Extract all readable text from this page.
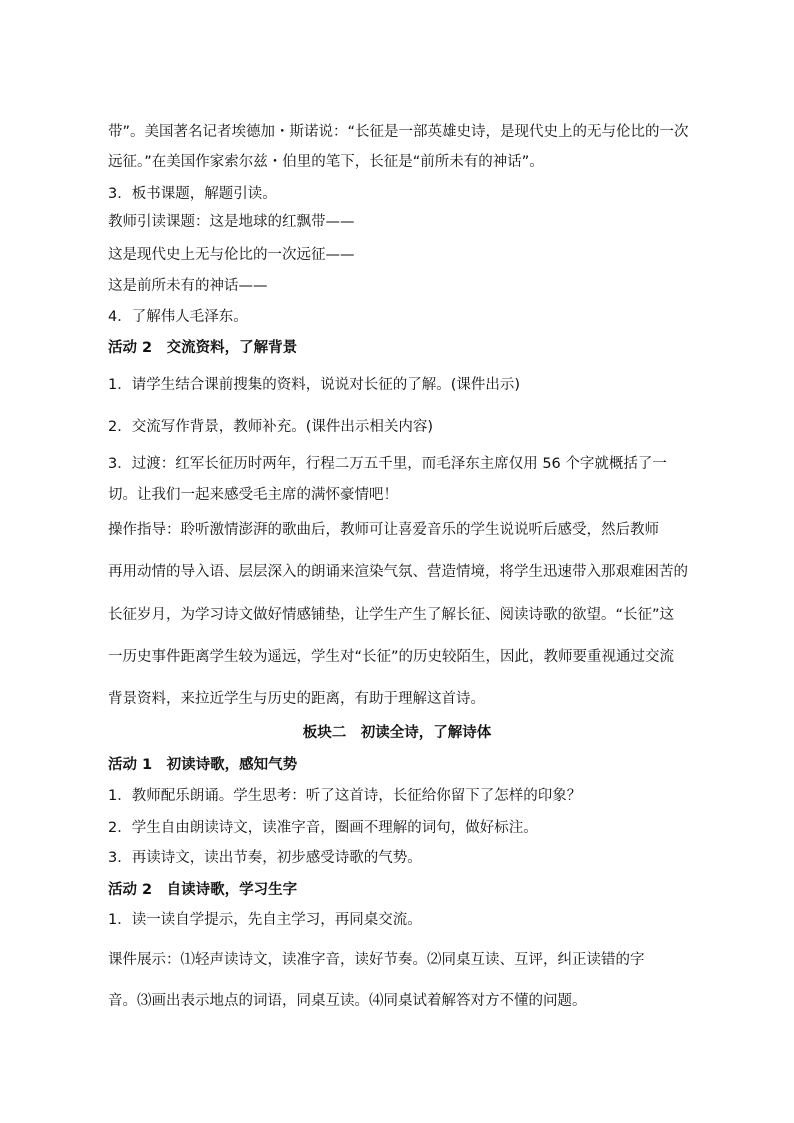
带”。美国著名记者埃德加・斯诺说：“长征是一部英雄史诗，是现代史上的无与伦比的一次
远征。”在美国作家索尔兹・伯里的笔下，长征是“前所未有的神话”。
3．板书课题，解题引读。
教师引读课题：这是地球的红飘带——
这是现代史上无与伦比的一次远征——
这是前所未有的神话——
4．了解伟人毛泽东。
活动 2　交流资料，了解背景
1．请学生结合课前搜集的资料，说说对长征的了解。(课件出示)
2．交流写作背景，教师补充。(课件出示相关内容)
3．过渡：红军长征历时两年，行程二万五千里，而毛泽东主席仅用 56 个字就概括了一
切。让我们一起来感受毛主席的满怀豪情吧！
操作指导：聆听激情澎湃的歌曲后，教师可让喜爱音乐的学生说说听后感受，然后教师
再用动情的导入语、层层深入的朗诵来渲染气氛、营造情境，将学生迅速带入那艰难困苦的
长征岁月，为学习诗文做好情感铺垫，让学生产生了解长征、阅读诗歌的欲望。“长征”这
一历史事件距离学生较为遥远，学生对“长征”的历史较陌生，因此，教师要重视通过交流
背景资料，来拉近学生与历史的距离，有助于理解这首诗。
板块二　初读全诗，了解诗体
活动 1　初读诗歌，感知气势
1．教师配乐朗诵。学生思考：听了这首诗，长征给你留下了怎样的印象？
2．学生自由朗读诗文，读准字音，圈画不理解的词句，做好标注。
3．再读诗文，读出节奏，初步感受诗歌的气势。
活动 2　自读诗歌，学习生字
1．读一读自学提示，先自主学习，再同桌交流。
课件展示：⑴轻声读诗文，读准字音，读好节奏。⑵同桌互读、互评，纠正读错的字
音。⑶画出表示地点的词语，同桌互读。⑷同桌试着解答对方不懂的问题。
